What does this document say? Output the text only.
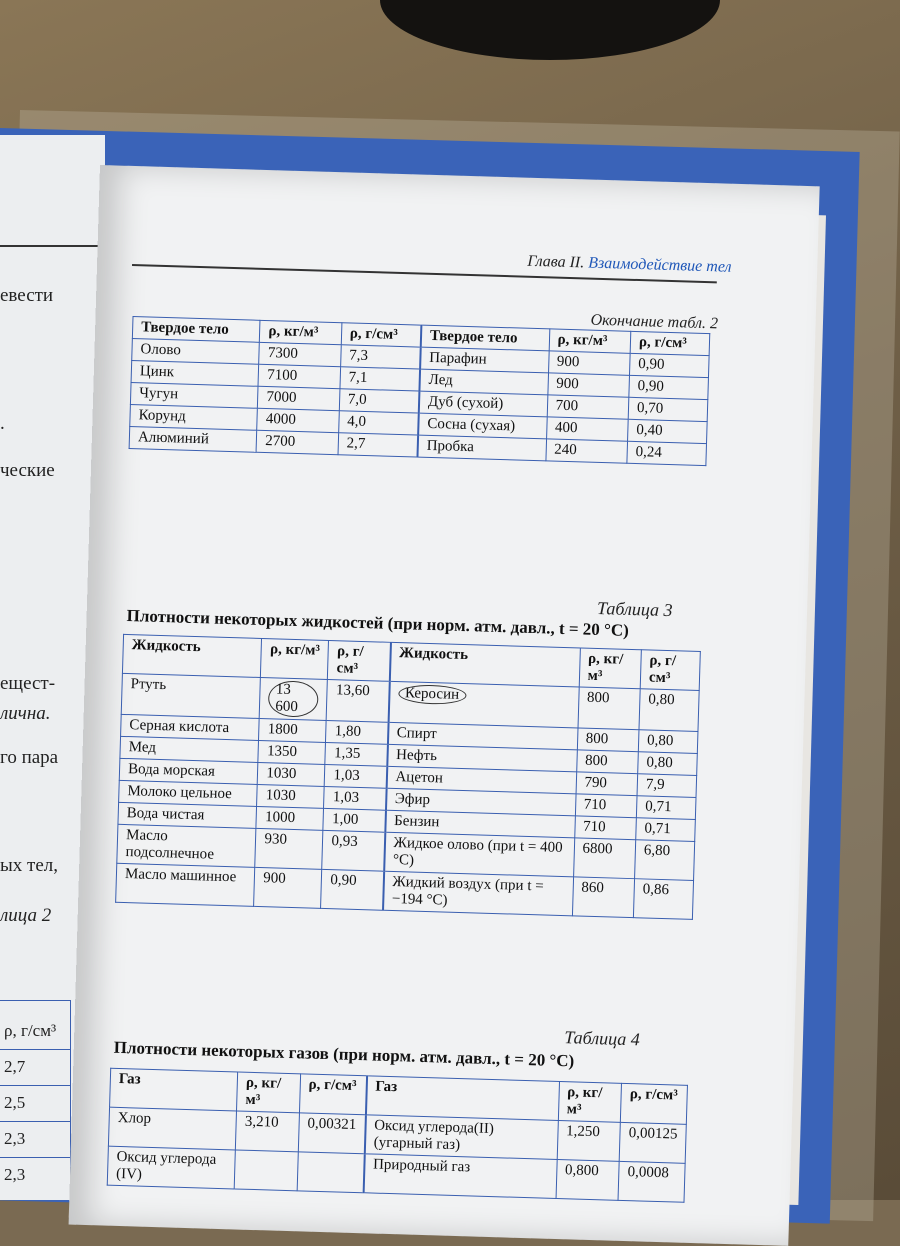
евести
.
ческие
ещест-
лична.
го пара
ых тел,
лица 2
ρ, г/см³
2,7
2,5
2,3
2,3
Глава II. Взаимодействие тел
Окончание табл. 2
Твердое тело	ρ, кг/м³	ρ, г/см³	Твердое тело	ρ, кг/м³	ρ, г/см³
Олово	7300	7,3	Парафин	900	0,90
Цинк	7100	7,1	Лед	900	0,90
Чугун	7000	7,0	Дуб (сухой)	700	0,70
Корунд	4000	4,0	Сосна (сухая)	400	0,40
Алюминий	2700	2,7	Пробка	240	0,24
Таблица 3
Плотности некоторых жидкостей (при норм. атм. давл., t = 20 °C)
Жидкость	ρ, кг/м³	ρ, г/см³	Жидкость	ρ, кг/м³	ρ, г/см³
Ртуть	13 600	13,60	Керосин	800	0,80
Серная кислота	1800	1,80	Спирт	800	0,80
Мед	1350	1,35	Нефть	800	0,80
Вода морская	1030	1,03	Ацетон	790	7,9
Молоко цельное	1030	1,03	Эфир	710	0,71
Вода чистая	1000	1,00	Бензин	710	0,71
Масло подсолнечное	930	0,93	Жидкое олово (при t = 400 °C)	6800	6,80
Масло машинное	900	0,90	Жидкий воздух (при t = −194 °C)	860	0,86
Таблица 4
Плотности некоторых газов (при норм. атм. давл., t = 20 °C)
Газ	ρ, кг/м³	ρ, г/см³	Газ	ρ, кг/м³	ρ, г/см³
Хлор	3,210	0,00321	Оксид углерода(II) (угарный газ)	1,250	0,00125
Оксид углерода (IV)			Природный газ	0,800	0,0008
